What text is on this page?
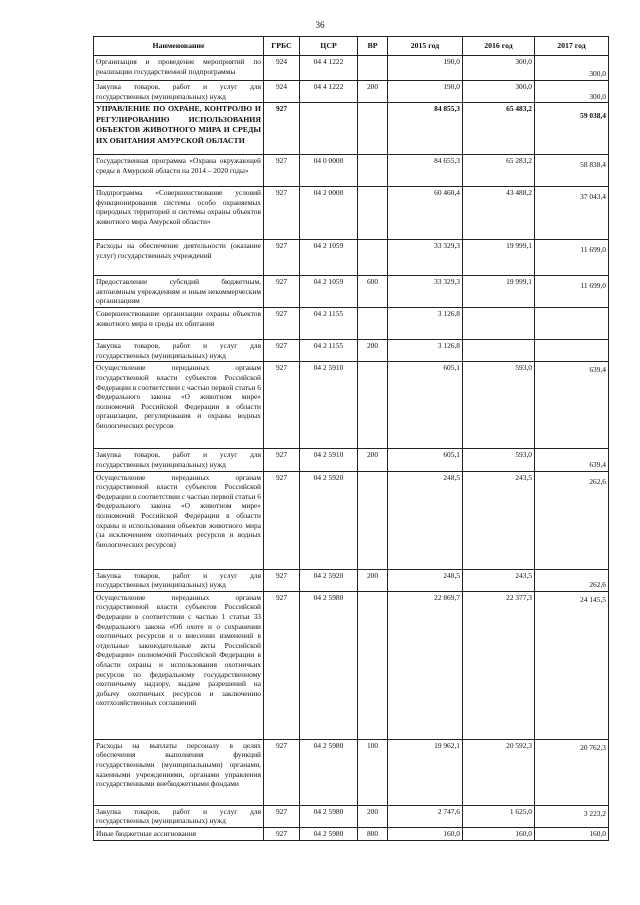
36
Наименование	ГРБС	ЦСР	ВР	2015 год	2016 год	2017 год
Организация и проведение мероприятий по реализации государственной подпрограммы	924	04 4 1222		190,0	300,0	300,0
Закупка товаров, работ и услуг для государственных (муниципальных) нужд	924	04 4 1222	200	190,0	300,0	300,0
УПРАВЛЕНИЕ ПО ОХРАНЕ, КОНТРОЛЮ И РЕГУЛИРОВАНИЮ ИСПОЛЬЗОВАНИЯ ОБЪЕКТОВ ЖИВОТНОГО МИРА И СРЕДЫ ИХ ОБИТАНИЯ АМУРСКОЙ ОБЛАСТИ	927			84 855,3	65 483,2	59 038,4
Государственная программа «Охрана окружающей среды в Амурской области на 2014 – 2020 годы»	927	04 0 0000		84 655,3	65 283,2	58 838,4
Подпрограмма «Совершенствование условий функционирования системы особо охраняемых природных территорий и системы охраны объектов животного мира Амурской области»	927	04 2 0000		60 460,4	43 488,2	37 043,4
Расходы на обеспечение деятельности (оказание услуг) государственных учреждений	927	04 2 1059		33 329,3	19 999,1	11 699,0
Предоставление субсидий бюджетным, автономным учреждениям и иным некоммерческим организациям	927	04 2 1059	600	33 329,3	19 999,1	11 699,0
Совершенствование организации охраны объектов животного мира и среды их обитания	927	04 2 1155		3 126,8		
Закупка товаров, работ и услуг для государственных (муниципальных) нужд	927	04 2 1155	200	3 126,8		
Осуществление переданных органам государственной власти субъектов Российской Федерации в соответствии с частью первой статьи 6 Федерального закона «О животном мире» полномочий Российской Федерации в области организации, регулирования и охраны водных биологических ресурсов	927	04 2 5910		605,1	593,0	639,4
Закупка товаров, работ и услуг для государственных (муниципальных) нужд	927	04 2 5910	200	605,1	593,0	639,4
Осуществление переданных органам государственной власти субъектов Российской Федерации в соответствии с частью первой статьи 6 Федерального закона «О животном мире» полномочий Российской Федерации в области охраны и использования объектов животного мира (за исключением охотничьих ресурсов и водных биологических ресурсов)	927	04 2 5920		248,5	243,5	262,6
Закупка товаров, работ и услуг для государственных (муниципальных) нужд	927	04 2 5920	200	248,5	243,5	262,6
Осуществление переданных органам государственной власти субъектов Российской Федерации в соответствии с частью 1 статьи 33 Федерального закона «Об охоте и о сохранении охотничьих ресурсов и о внесении изменений в отдельные законодательные акты Российской Федерации» полномочий Российской Федерации в области охраны и использования охотничьих ресурсов по федеральному государственному охотничьему надзору, выдаче разрешений на добычу охотничьих ресурсов и заключению охотхозяйственных соглашений	927	04 2 5980		22 869,7	22 377,3	24 145,5
Расходы на выплаты персоналу в целях обеспечения выполнения функций государственными (муниципальными) органами, казенными учреждениями, органами управления государственными внебюджетными фондами	927	04 2 5980	100	19 962,1	20 592,3	20 762,3
Закупка товаров, работ и услуг для государственных (муниципальных) нужд	927	04 2 5980	200	2 747,6	1 625,0	3 223,2
Иные бюджетные ассигнования	927	04 2 5980	800	160,0	160,0	160,0
